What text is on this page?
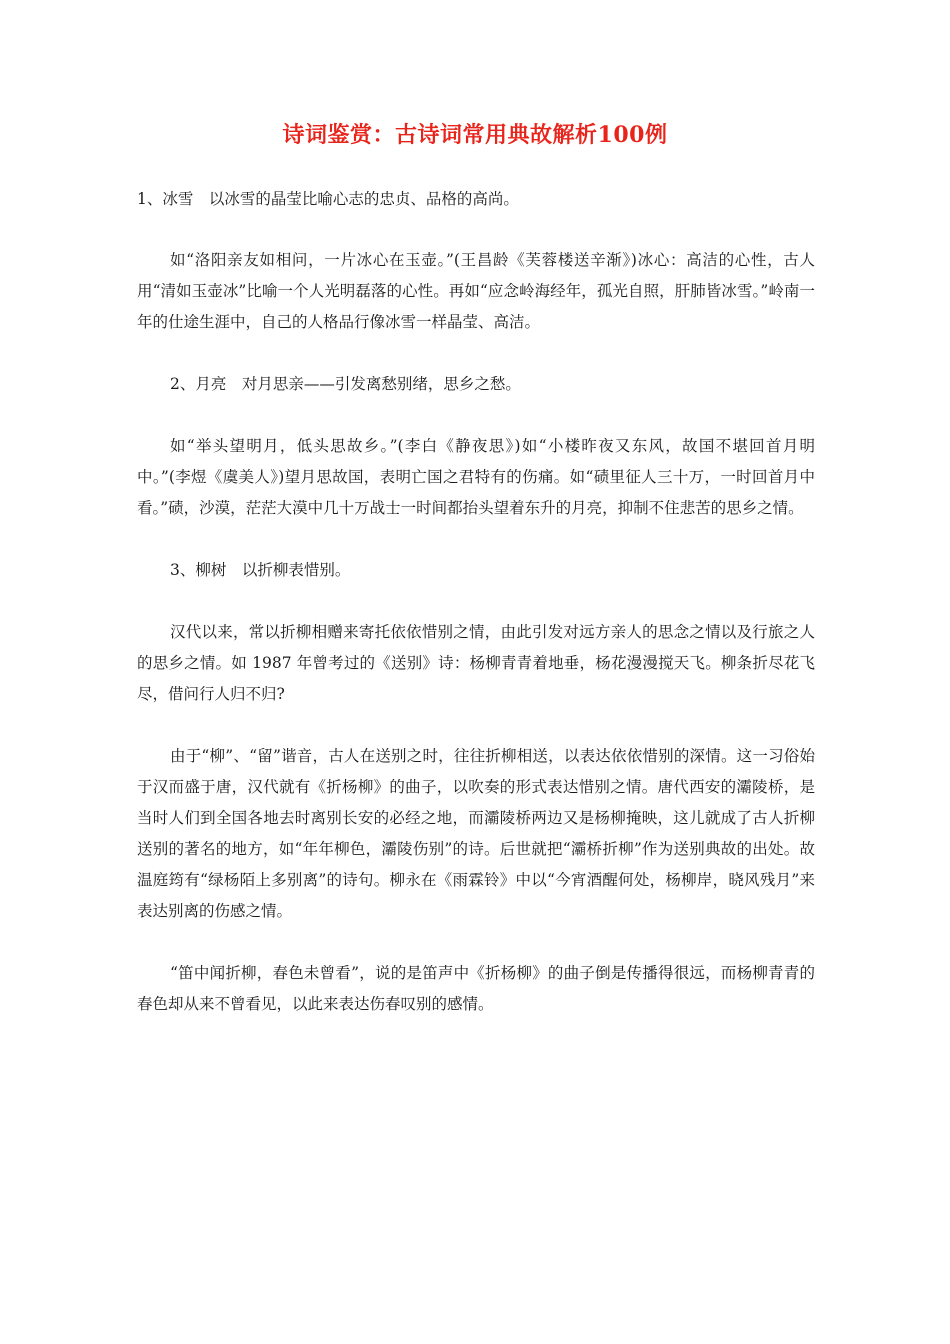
诗词鉴赏：古诗词常用典故解析100例

1、冰雪　以冰雪的晶莹比喻心志的忠贞、品格的高尚。

如“洛阳亲友如相问，一片冰心在玉壶。”(王昌龄《芙蓉楼送辛渐》)冰心：高洁的心性，古人用“清如玉壶冰”比喻一个人光明磊落的心性。再如“应念岭海经年，孤光自照，肝肺皆冰雪。”岭南一年的仕途生涯中，自己的人格品行像冰雪一样晶莹、高洁。

2、月亮　对月思亲——引发离愁别绪，思乡之愁。

如“举头望明月，低头思故乡。”(李白《静夜思》)如“小楼昨夜又东风，故国不堪回首月明中。”(李煜《虞美人》)望月思故国，表明亡国之君特有的伤痛。如“碛里征人三十万，一时回首月中看。”碛，沙漠，茫茫大漠中几十万战士一时间都抬头望着东升的月亮，抑制不住悲苦的思乡之情。

3、柳树　以折柳表惜别。

汉代以来，常以折柳相赠来寄托依依惜别之情，由此引发对远方亲人的思念之情以及行旅之人的思乡之情。如 1987 年曾考过的《送别》诗：杨柳青青着地垂，杨花漫漫搅天飞。柳条折尽花飞尽，借问行人归不归?

由于“柳”、“留”谐音，古人在送别之时，往往折柳相送，以表达依依惜别的深情。这一习俗始于汉而盛于唐，汉代就有《折杨柳》的曲子，以吹奏的形式表达惜别之情。唐代西安的灞陵桥，是当时人们到全国各地去时离别长安的必经之地，而灞陵桥两边又是杨柳掩映，这儿就成了古人折柳送别的著名的地方，如“年年柳色，灞陵伤别”的诗。后世就把“灞桥折柳”作为送别典故的出处。故温庭筠有“绿杨陌上多别离”的诗句。柳永在《雨霖铃》中以“今宵酒醒何处，杨柳岸，晓风残月”来表达别离的伤感之情。

“笛中闻折柳，春色未曾看”，说的是笛声中《折杨柳》的曲子倒是传播得很远，而杨柳青青的春色却从来不曾看见，以此来表达伤春叹别的感情。
